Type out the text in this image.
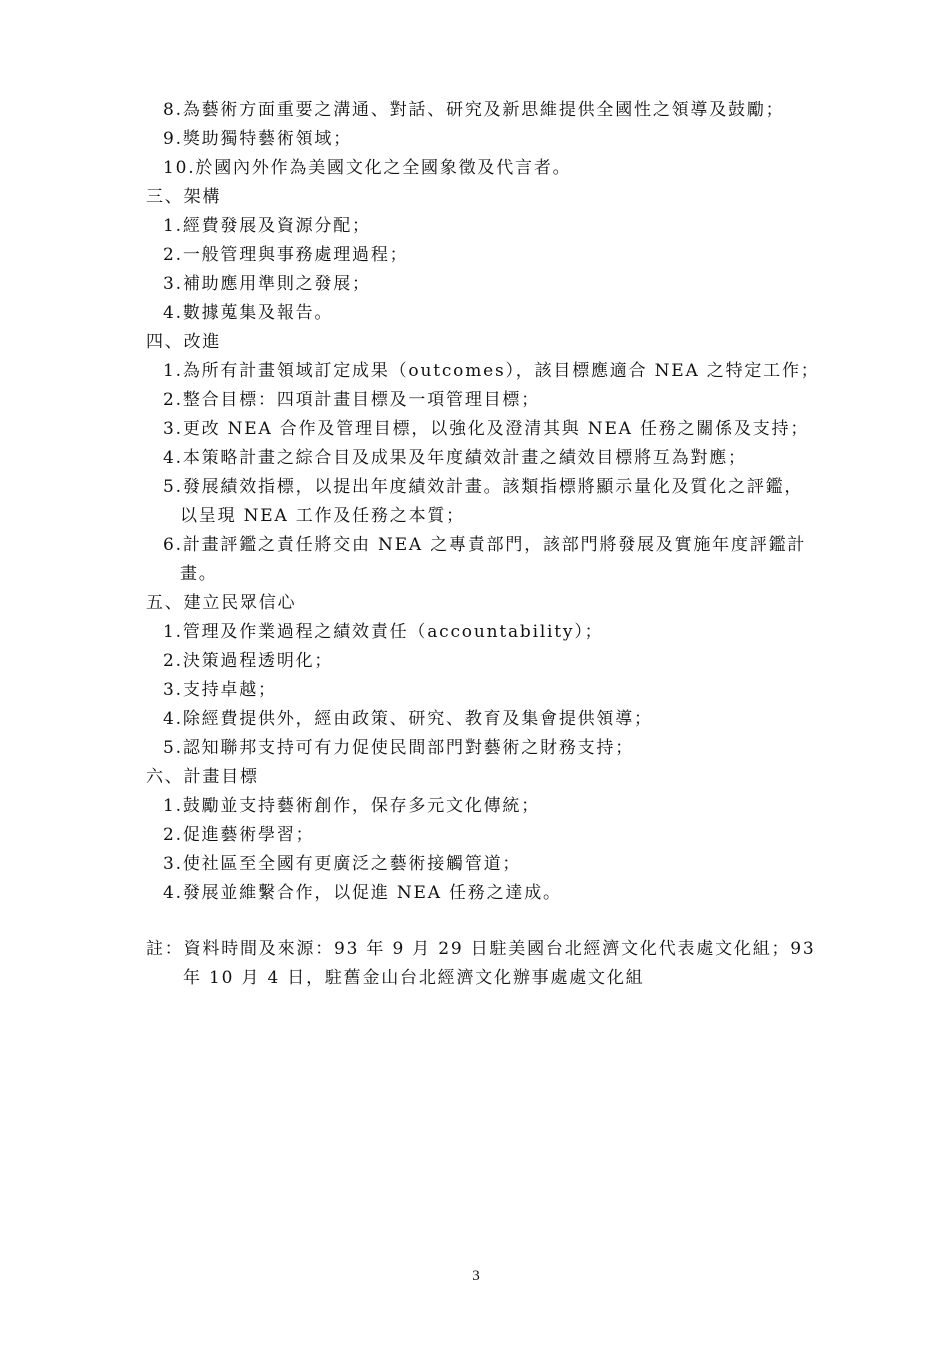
8.為藝術方面重要之溝通、對話、研究及新思維提供全國性之領導及鼓勵；
9.獎助獨特藝術領域；
10.於國內外作為美國文化之全國象徵及代言者。
三、架構
1.經費發展及資源分配；
2.一般管理與事務處理過程；
3.補助應用準則之發展；
4.數據蒐集及報告。
四、改進
1.為所有計畫領域訂定成果（outcomes），該目標應適合 NEA 之特定工作；
2.整合目標：四項計畫目標及一項管理目標；
3.更改 NEA 合作及管理目標，以強化及澄清其與 NEA 任務之關係及支持；
4.本策略計畫之綜合目及成果及年度績效計畫之績效目標將互為對應；
5.發展績效指標，以提出年度績效計畫。該類指標將顯示量化及質化之評鑑，
以呈現 NEA 工作及任務之本質；
6.計畫評鑑之責任將交由 NEA 之專責部門，該部門將發展及實施年度評鑑計
畫。
五、建立民眾信心
1.管理及作業過程之績效責任（accountability）；
2.決策過程透明化；
3.支持卓越；
4.除經費提供外，經由政策、研究、教育及集會提供領導；
5.認知聯邦支持可有力促使民間部門對藝術之財務支持；
六、計畫目標
1.鼓勵並支持藝術創作，保存多元文化傳統；
2.促進藝術學習；
3.使社區至全國有更廣泛之藝術接觸管道；
4.發展並維繫合作，以促進 NEA 任務之達成。
註：資料時間及來源：93 年 9 月 29 日駐美國台北經濟文化代表處文化組；93
年 10 月 4 日，駐舊金山台北經濟文化辦事處處文化組
3
